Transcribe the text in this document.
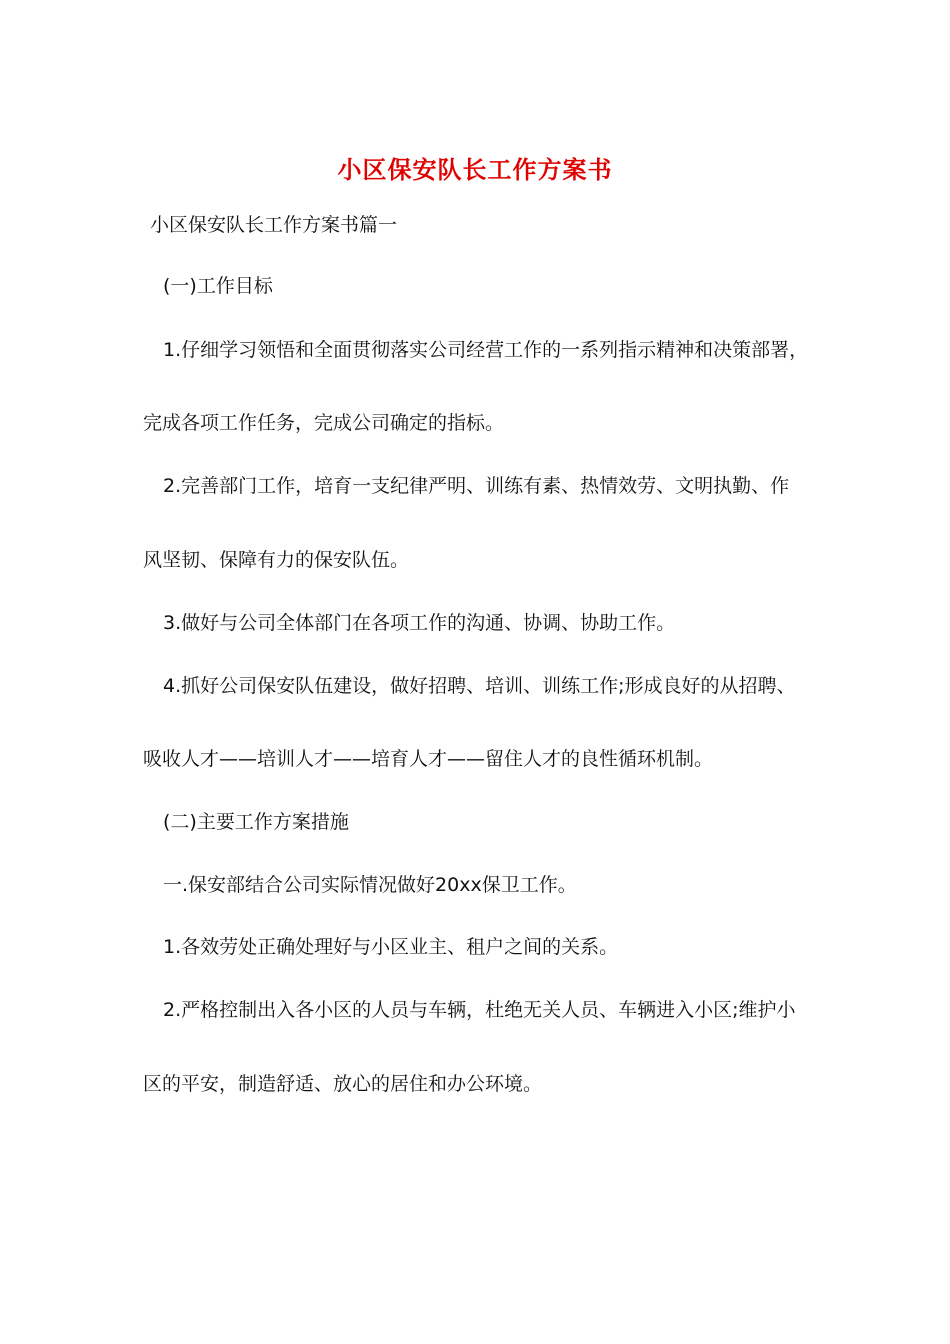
小区保安队长工作方案书
小区保安队长工作方案书篇一
(一)工作目标
1.仔细学习领悟和全面贯彻落实公司经营工作的一系列指示精神和决策部署，
完成各项工作任务，完成公司确定的指标。
2.完善部门工作，培育一支纪律严明、训练有素、热情效劳、文明执勤、作
风坚韧、保障有力的保安队伍。
3.做好与公司全体部门在各项工作的沟通、协调、协助工作。
4.抓好公司保安队伍建设，做好招聘、培训、训练工作;形成良好的从招聘、
吸收人才——培训人才——培育人才——留住人才的良性循环机制。
(二)主要工作方案措施
一.保安部结合公司实际情况做好20xx保卫工作。
1.各效劳处正确处理好与小区业主、租户之间的关系。
2.严格控制出入各小区的人员与车辆，杜绝无关人员、车辆进入小区;维护小
区的平安，制造舒适、放心的居住和办公环境。
